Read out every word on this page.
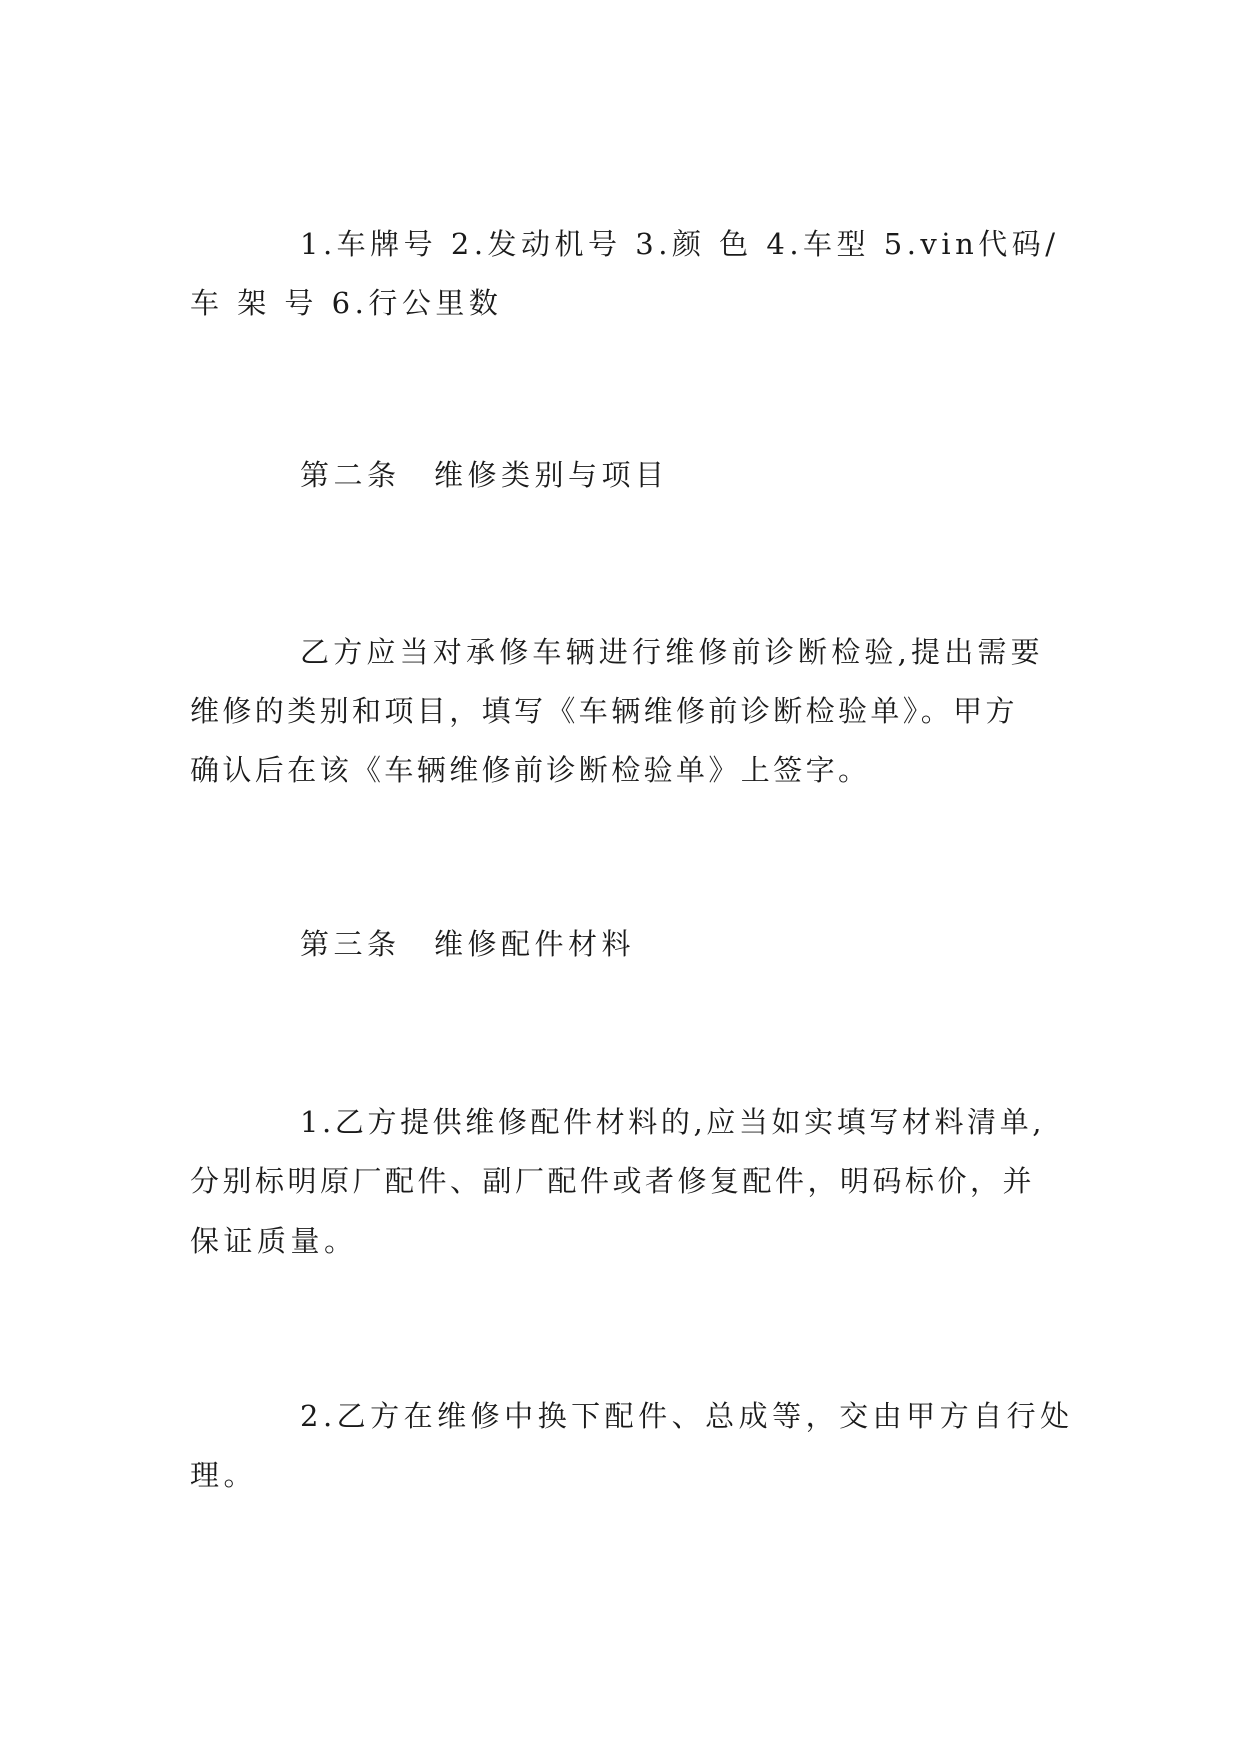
1.车牌号 2.发动机号 3.颜 色 4.车型 5.vin代码/

车 架 号 6.行公里数

第二条　维修类别与项目

乙方应当对承修车辆进行维修前诊断检验,提出需要

维修的类别和项目，填写《车辆维修前诊断检验单》。甲方

确认后在该《车辆维修前诊断检验单》上签字。

第三条　维修配件材料

1.乙方提供维修配件材料的,应当如实填写材料清单,

分别标明原厂配件、副厂配件或者修复配件，明码标价，并

保证质量。

2.乙方在维修中换下配件、总成等，交由甲方自行处

理。
